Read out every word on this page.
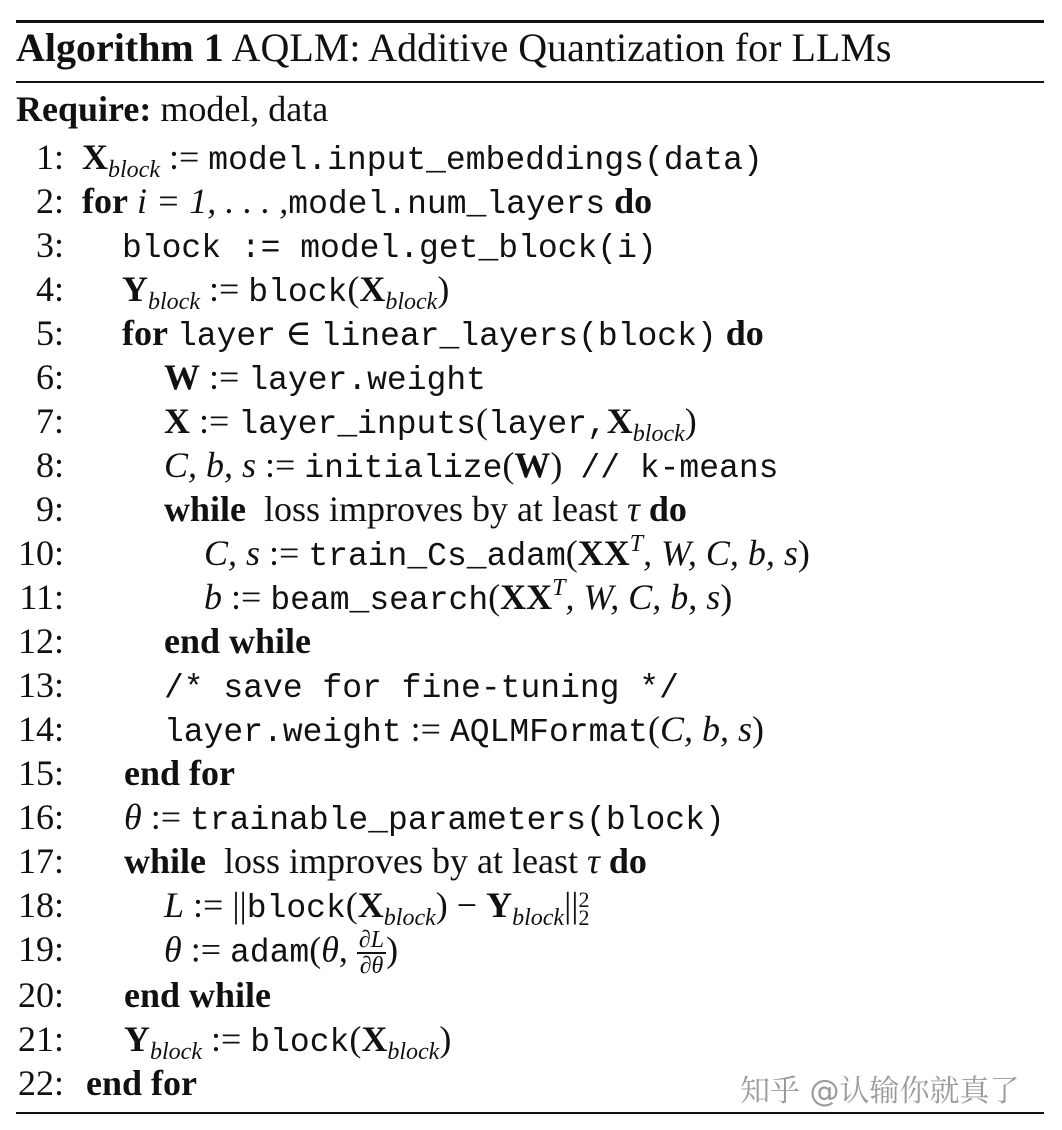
Algorithm 1 AQLM: Additive Quantization for LLMs
Require: model, data
1: $X_{block}$ := model.input_embeddings(data)
2: for i = 1, . . . ,model.num_layers do
3: block := model.get_block(i)
4: $Y_{block}$ := $block(X_{block})$
5: for layer ∈ linear_layers(block) do
6:	W := layer.weight
7:	X := $layer\_inputs(layer,X_{block})$
8:	C, b, s := initialize(W)  // k-means
9:	while loss improves by at least τ do
10:	C, s := $train\_Cs\_adam(XX^T$, W, C, b, s)
11:	b := $beam\_search(XX^T$, W, C, b, s)
12:	end while
13:	/* save for fine-tuning */
14:	layer.weight := AQLMFormat(C, b, s)
15: end for
16: θ := trainable_parameters(block)
17: while loss improves by at least τ do
18:	L := $||block(X_{block}) - Y_{block}||$ 2
2
19:	θ := adam(θ, $\frac{\partial L}{\partial\theta}$ )
20: end while
21: $Y_{block}$ := $block(X_{block})$
22: end for	知乎 @认输你就真了
